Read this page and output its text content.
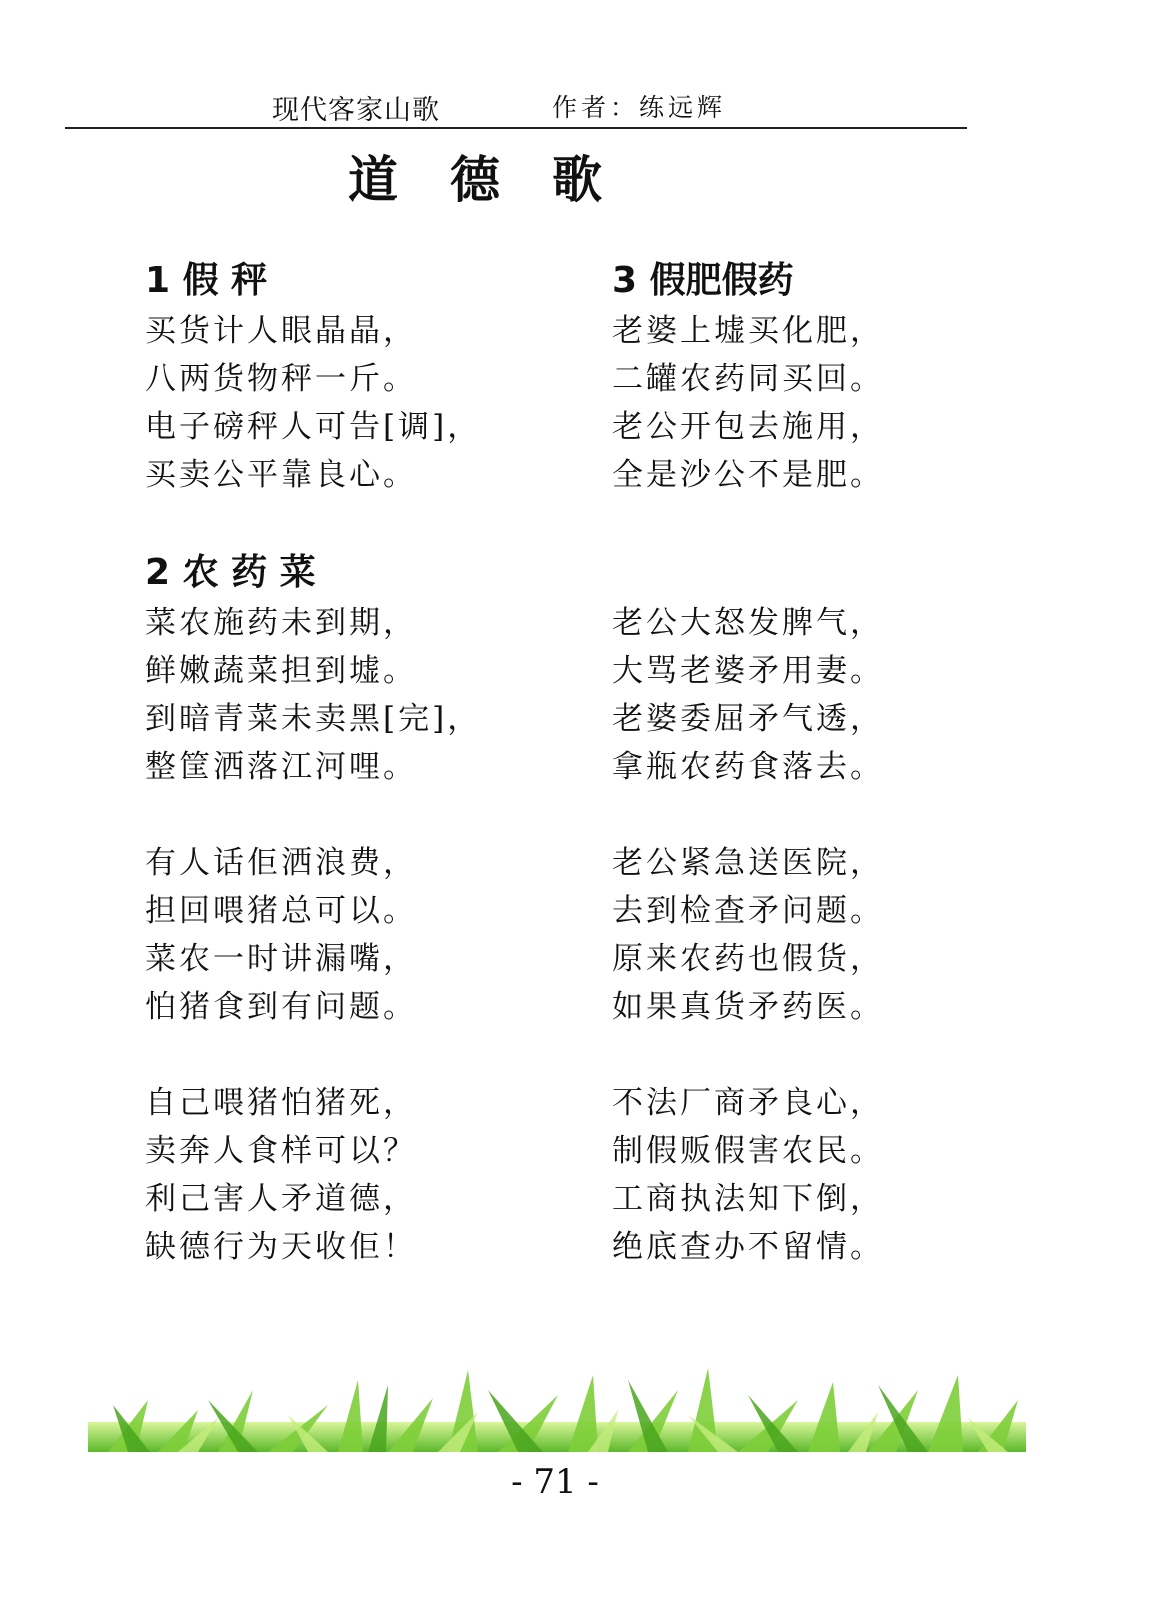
现代客家山歌	作者：练远辉
道德歌
1 假 秤
买货计人眼晶晶，
八两货物秤一斤。
电子磅秤人可告[调]，
买卖公平靠良心。
2 农 药 菜
菜农施药未到期，
鲜嫩蔬菜担到墟。
到暗青菜未卖黑[完]，
整筐洒落江河哩。
有人话佢洒浪费，
担回喂猪总可以。
菜农一时讲漏嘴，
怕猪食到有问题。
自己喂猪怕猪死，
卖奔人食样可以？
利己害人矛道德，
缺德行为天收佢！
3 假肥假药
老婆上墟买化肥，
二罐农药同买回。
老公开包去施用，
全是沙公不是肥。
老公大怒发脾气，
大骂老婆矛用妻。
老婆委屈矛气透，
拿瓶农药食落去。
老公紧急送医院，
去到检查矛问题。
原来农药也假货，
如果真货矛药医。
不法厂商矛良心，
制假贩假害农民。
工商执法知下倒，
绝底查办不留情。
- 71 -
